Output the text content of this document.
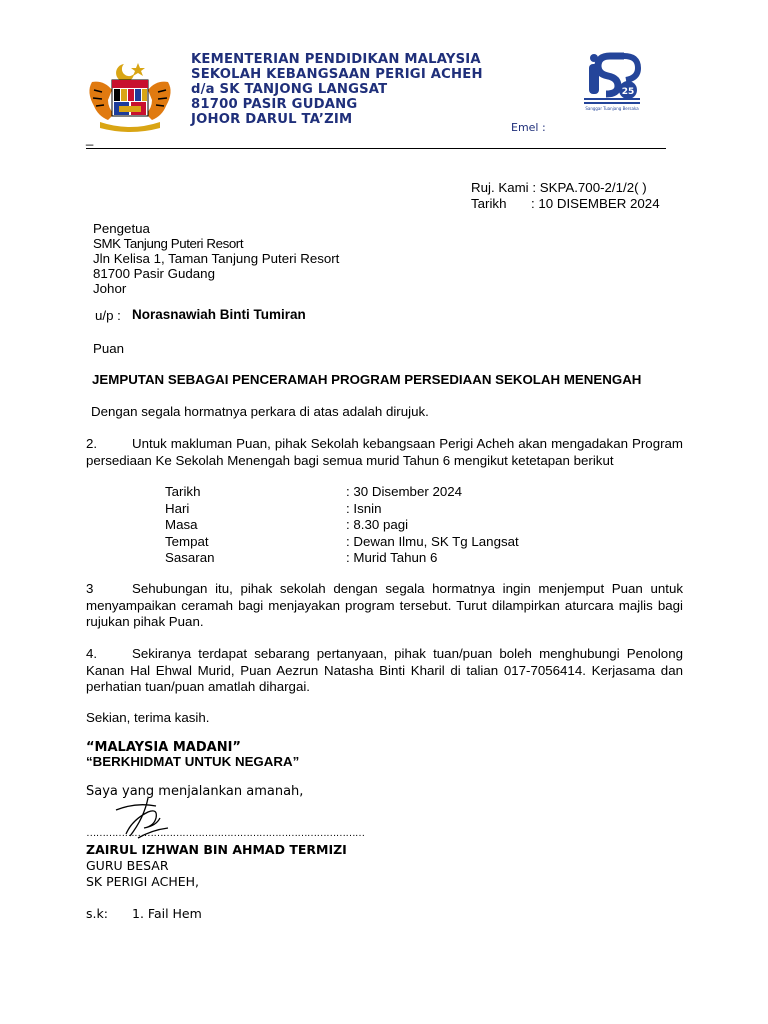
KEMENTERIAN PENDIDIKAN MALAYSIA
SEKOLAH KEBANGSAAN PERIGI ACHEH
d/a SK TANJONG LANGSAT
81700 PASIR GUDANG
JOHOR DARUL TA’ZIM
25
Sanggar Tuanjang Bersaka
Emel :
_
Ruj. Kami : SKPA.700-2/1/2( )
Tarikh : 10 DISEMBER 2024
Pengetua
SMK Tanjung Puteri Resort
Jln Kelisa 1, Taman Tanjung Puteri Resort
81700 Pasir Gudang
Johor
u/p : Norasnawiah Binti Tumiran
Puan
JEMPUTAN SEBAGAI PENCERAMAH PROGRAM PERSEDIAAN SEKOLAH MENENGAH
Dengan segala hormatnya perkara di atas adalah dirujuk.
2.	Untuk makluman Puan, pihak Sekolah kebangsaan Perigi Acheh akan mengadakan Program persediaan Ke Sekolah Menengah bagi semua murid Tahun 6 mengikut ketetapan berikut
Tarikh	: 30 Disember 2024
Hari	: Isnin
Masa	: 8.30 pagi
Tempat	: Dewan Ilmu, SK Tg Langsat
Sasaran	: Murid Tahun 6
3	Sehubungan itu, pihak sekolah dengan segala hormatnya ingin menjemput Puan untuk menyampaikan ceramah bagi menjayakan program tersebut. Turut dilampirkan aturcara majlis bagi rujukan pihak Puan.
4.	Sekiranya terdapat sebarang pertanyaan, pihak tuan/puan boleh menghubungi Penolong Kanan Hal Ehwal Murid, Puan Aezrun Natasha Binti Kharil di talian 017-7056414. Kerjasama dan perhatian tuan/puan amatlah dihargai.
Sekian, terima kasih.
“MALAYSIA MADANI”
“BERKHIDMAT UNTUK NEGARA”
Saya yang menjalankan amanah,
……………………………………………………………………………
ZAIRUL IZHWAN BIN AHMAD TERMIZI
GURU BESAR
SK PERIGI ACHEH,
s.k: 1. Fail Hem
